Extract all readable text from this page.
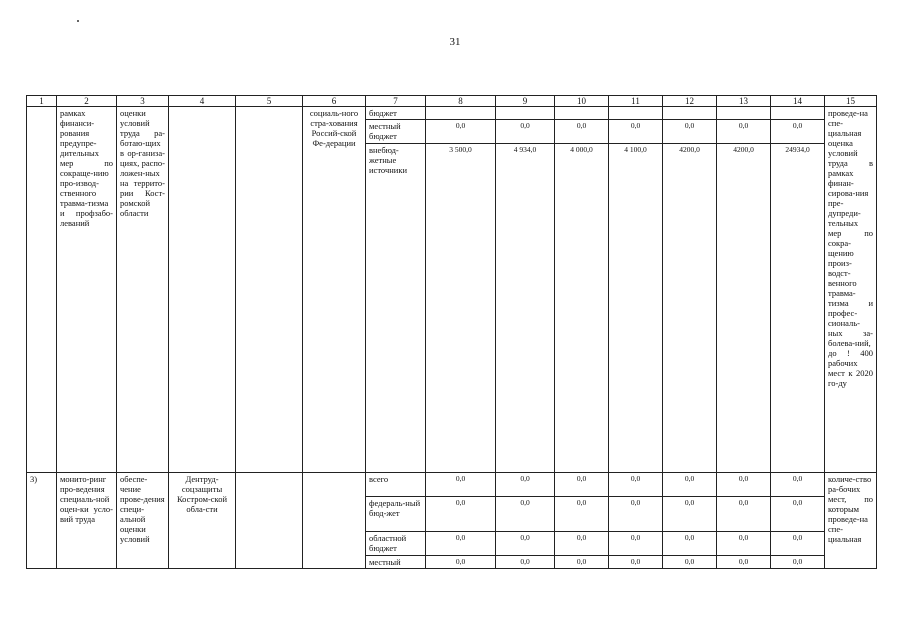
31
1	2	3	4	5	6	7	8	9	10	11	12	13	14	15
	рамках финанси-рования предупре-дительных мер по сокраще-нию про-извод-ственного травма-тизма и профзабо-леваний	оценки условий труда ра-ботаю-щих в ор-ганиза-циях, распо-ложен-ных на террито-рии Кост-ромской области			социаль-ного стра-хования Россий-ской Фе-дерации	бюджет								проведе-на спе-циальная оценка условий труда в рамках финан-сирова-ния пре-дупреди-тельных мер по сокра-щению произ-водст-венного травма-тизма и профес-сиональ-ных за-болева-ний, до ! 400 рабочих мест к 2020 го-ду
						местный бюджет	0,0	0,0	0,0	0,0	0,0	0,0	0,0	
						внебюд-жетные источники	3 500,0	4 934,0	4 000,0	4 100,0	4200,0	4200,0	24934,0	
3)	монито-ринг про-ведения специаль-ной оцен-ки усло-вий труда	обеспе-чение прове-дения специ-альной оценки условий	Дентруд-соцзащиты Костром-ской обла-сти			всего	0,0	0,0	0,0	0,0	0,0	0,0	0,0	количе-ство ра-бочих мест, по которым проведе-на спе-циальная
						федераль-ный бюд-жет	0,0	0,0	0,0	0,0	0,0	0,0	0,0	
						областной бюджет	0,0	0,0	0,0	0,0	0,0	0,0	0,0	
						местный	0,0	0,0	0,0	0,0	0,0	0,0	0,0	
